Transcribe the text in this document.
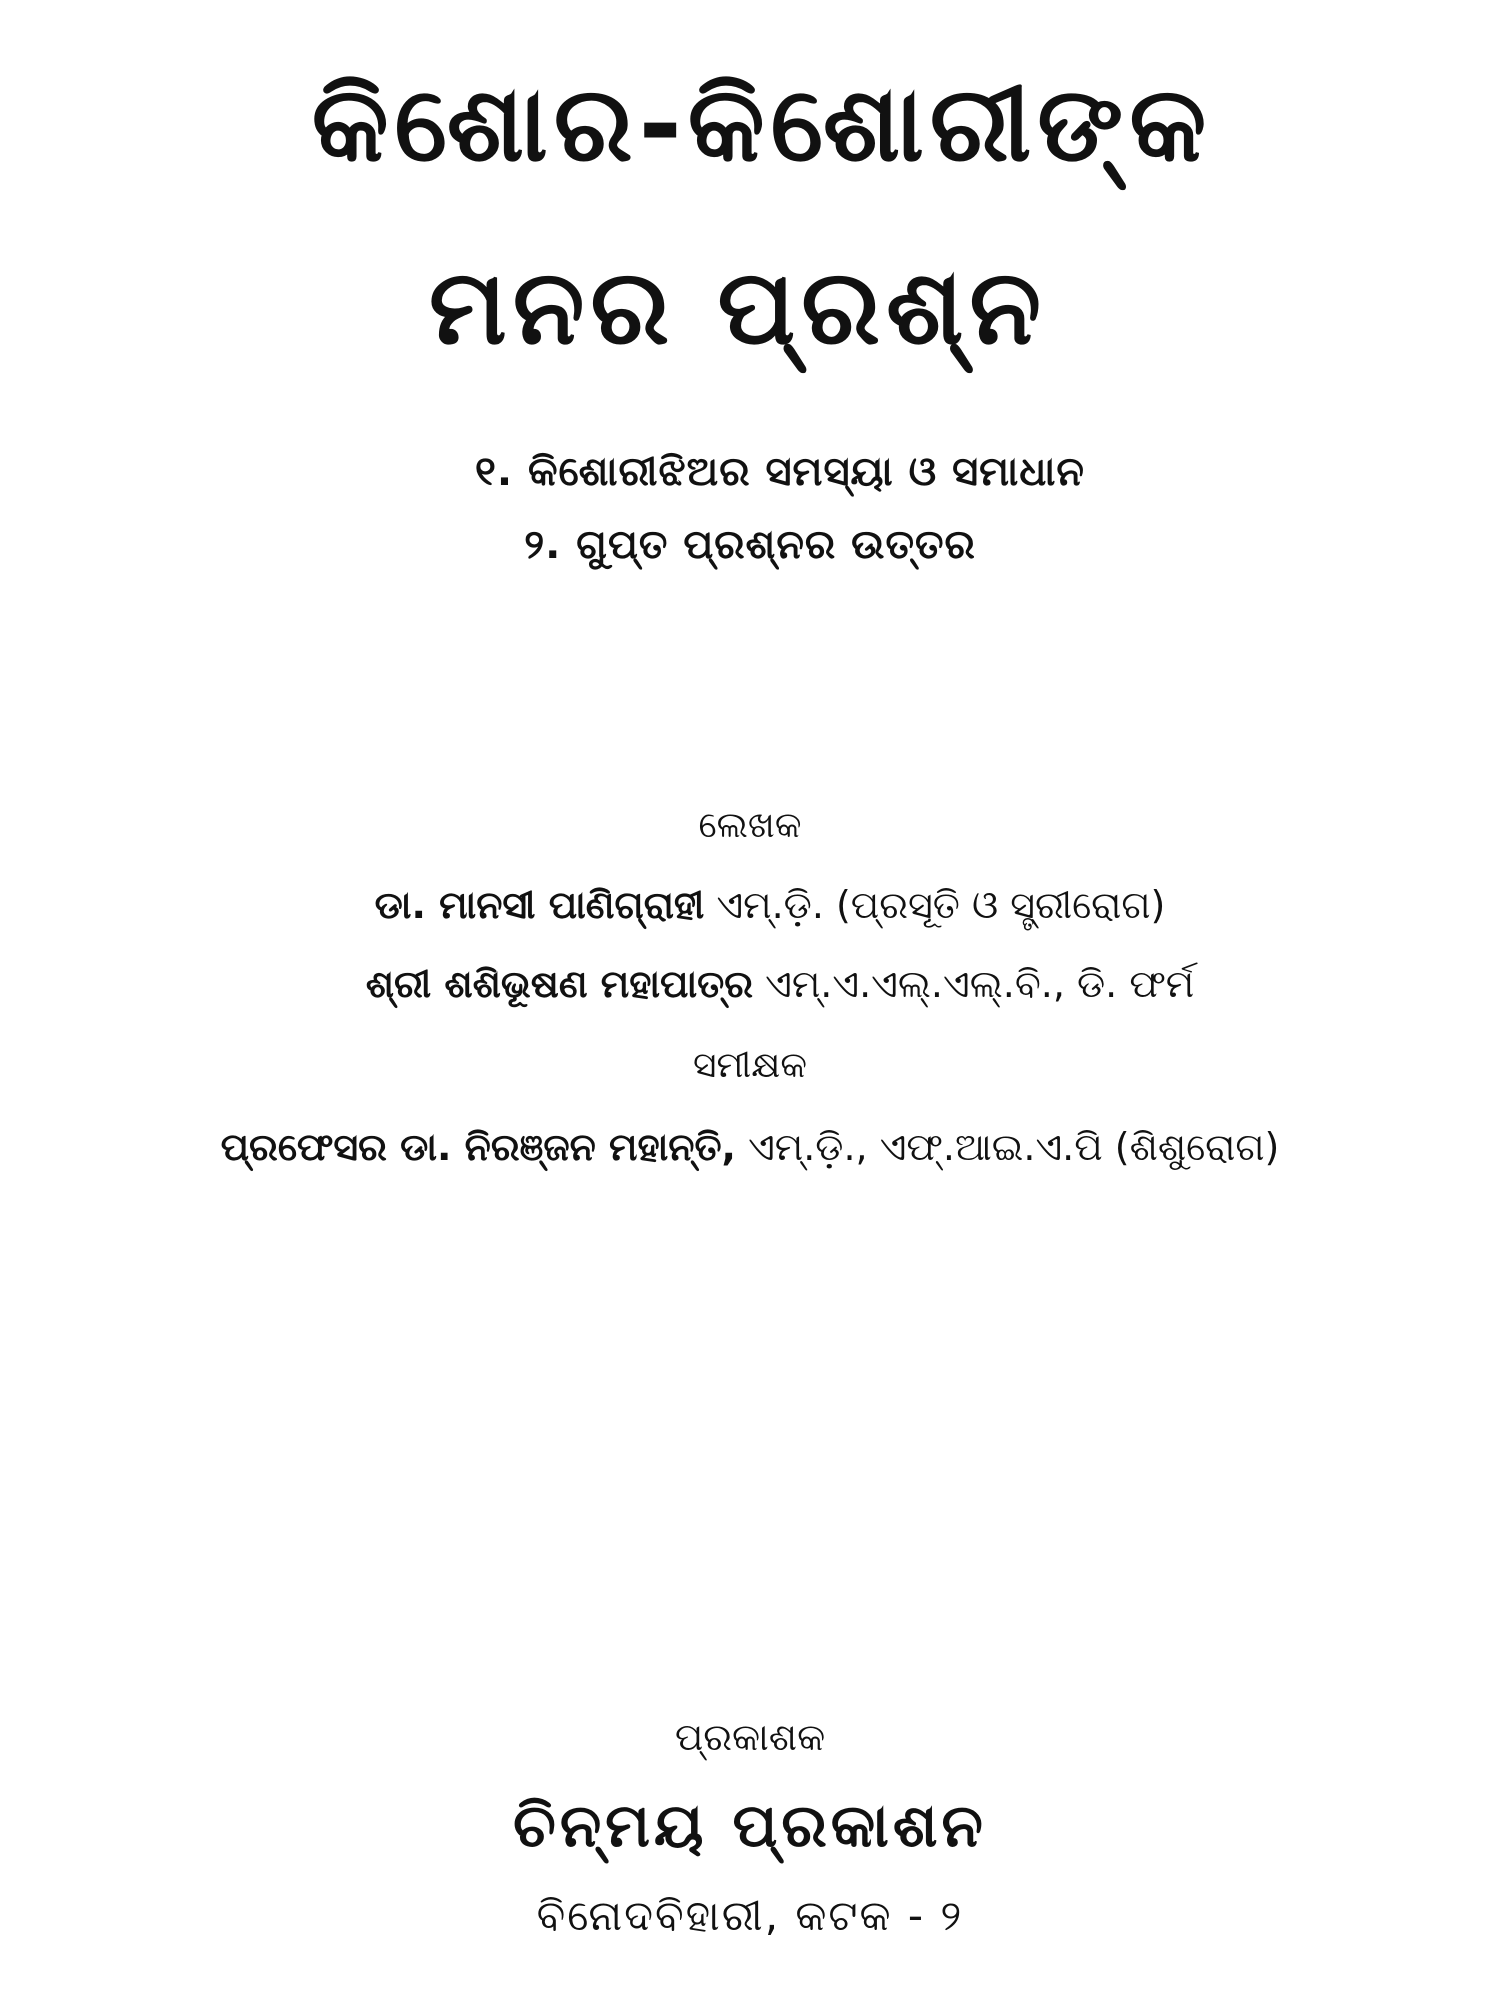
କିଶୋର-କିଶୋରୀଙ୍କ
ମନର ପ୍ରଶ୍ନ
୧. କିଶୋରୀଝିଅର ସମସ୍ୟା ଓ ସମାଧାନ
୨. ଗୁପ୍ତ ପ୍ରଶ୍ନର ଉତ୍ତର
ଲେଖକ
ଡା. ମାନସୀ ପାଣିଗ୍ରାହୀ ଏମ୍.ଡ଼ି. (ପ୍ରସୂତି ଓ ସ୍ତ୍ରୀରୋଗ)
ଶ୍ରୀ ଶଶିଭୂଷଣ ମହାପାତ୍ର ଏମ୍.ଏ.ଏଲ୍.ଏଲ୍.ବି., ଡି. ଫର୍ମ
ସମୀକ୍ଷକ
ପ୍ରଫେସର ଡା. ନିରଞ୍ଜନ ମହାନ୍ତି, ଏମ୍.ଡ଼ି., ଏଫ୍.ଆଇ.ଏ.ପି (ଶିଶୁରୋଗ)
ପ୍ରକାଶକ
ଚିନ୍ମୟ ପ୍ରକାଶନ
ବିନୋଦବିହାରୀ, କଟକ - ୨
